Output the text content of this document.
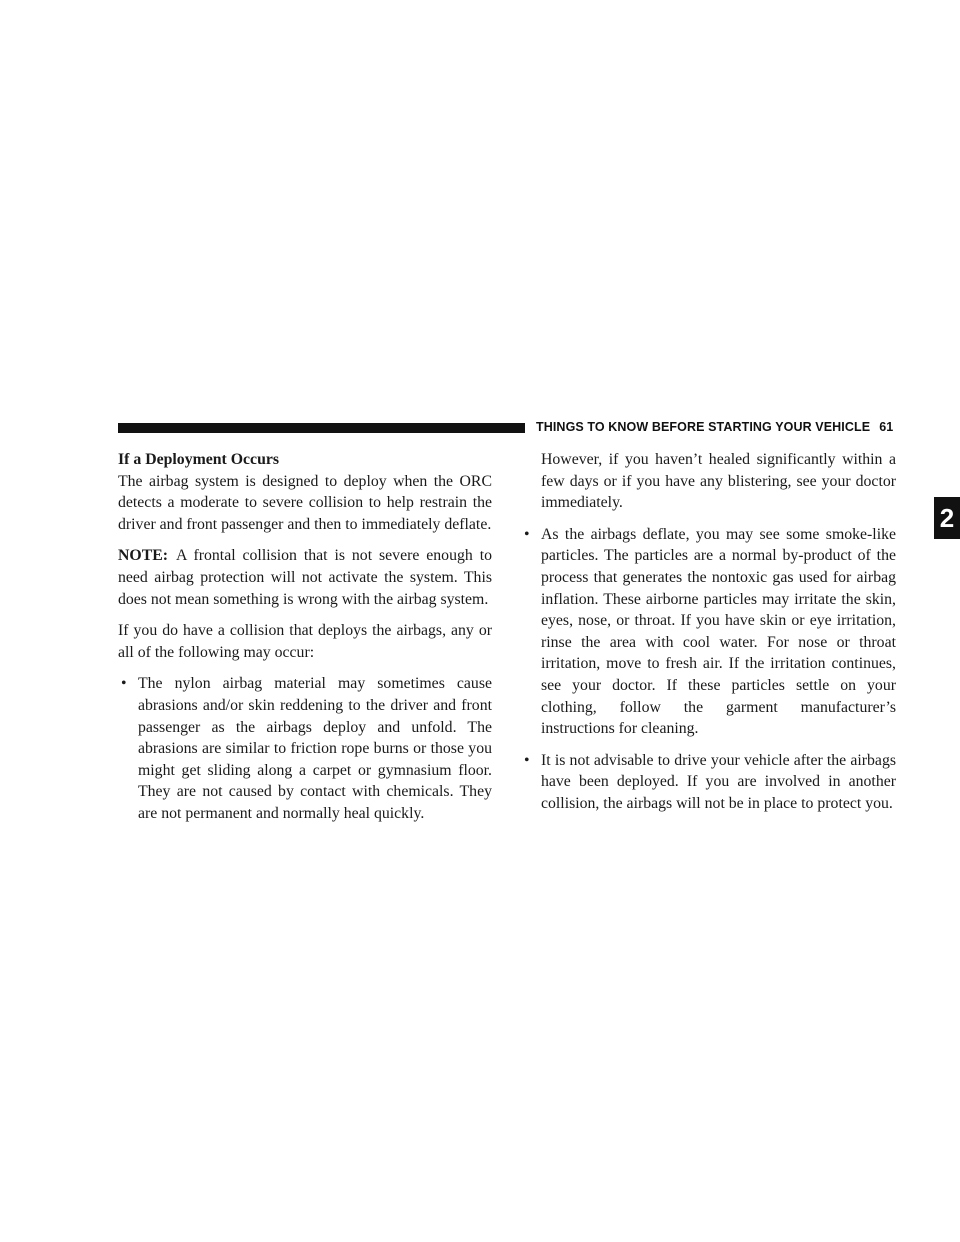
THINGS TO KNOW BEFORE STARTING YOUR VEHICLE 61
2
If a Deployment Occurs

The airbag system is designed to deploy when the ORC detects a moderate to severe collision to help restrain the driver and front passenger and then to immediately deflate.

NOTE: A frontal collision that is not severe enough to need airbag protection will not activate the system. This does not mean something is wrong with the airbag system.

If you do have a collision that deploys the airbags, any or all of the following may occur:

• The nylon airbag material may sometimes cause abrasions and/or skin reddening to the driver and front passenger as the airbags deploy and unfold. The abrasions are similar to friction rope burns or those you might get sliding along a carpet or gymnasium floor. They are not caused by contact with chemicals. They are not permanent and normally heal quickly.
However, if you haven’t healed significantly within a few days or if you have any blistering, see your doctor immediately.
• As the airbags deflate, you may see some smoke-like particles. The particles are a normal by-product of the process that generates the nontoxic gas used for airbag inflation. These airborne particles may irritate the skin, eyes, nose, or throat. If you have skin or eye irritation, rinse the area with cool water. For nose or throat irritation, move to fresh air. If the irritation continues, see your doctor. If these particles settle on your clothing, follow the garment manufacturer’s instructions for cleaning.
• It is not advisable to drive your vehicle after the airbags have been deployed. If you are involved in another collision, the airbags will not be in place to protect you.
